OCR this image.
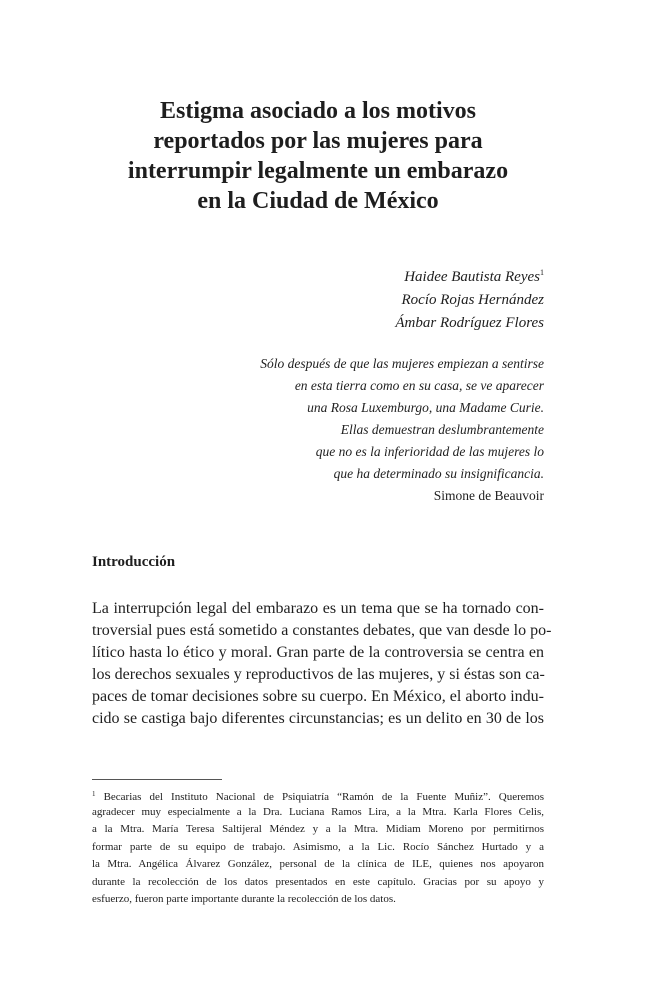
Estigma asociado a los motivos
reportados por las mujeres para
interrumpir legalmente un embarazo
en la Ciudad de México
Haidee Bautista Reyes$^1$
Rocío Rojas Hernández
Ámbar Rodríguez Flores
Sólo después de que las mujeres empiezan a sentirse
en esta tierra como en su casa, se ve aparecer
una Rosa Luxemburgo, una Madame Curie.
Ellas demuestran deslumbrantemente
que no es la inferioridad de las mujeres lo
que ha determinado su insignificancia.
Simone de Beauvoir
Introducción
La interrupción legal del embarazo es un tema que se ha tornado con-
troversial pues está sometido a constantes debates, que van desde lo po-
lítico hasta lo ético y moral. Gran parte de la controversia se centra en
los derechos sexuales y reproductivos de las mujeres, y si éstas son ca-
paces de tomar decisiones sobre su cuerpo. En México, el aborto indu-
cido se castiga bajo diferentes circunstancias; es un delito en 30 de los
$^1$ Becarias del Instituto Nacional de Psiquiatría “Ramón de la Fuente Muñiz”. Queremos
agradecer muy especialmente a la Dra. Luciana Ramos Lira, a la Mtra. Karla Flores Celis,
a la Mtra. María Teresa Saltijeral Méndez y a la Mtra. Midiam Moreno por permitirnos
formar parte de su equipo de trabajo. Asimismo, a la Lic. Rocío Sánchez Hurtado y a
la Mtra. Angélica Álvarez González, personal de la clínica de ILE, quienes nos apoyaron
durante la recolección de los datos presentados en este capítulo. Gracias por su apoyo y
esfuerzo, fueron parte importante durante la recolección de los datos.
